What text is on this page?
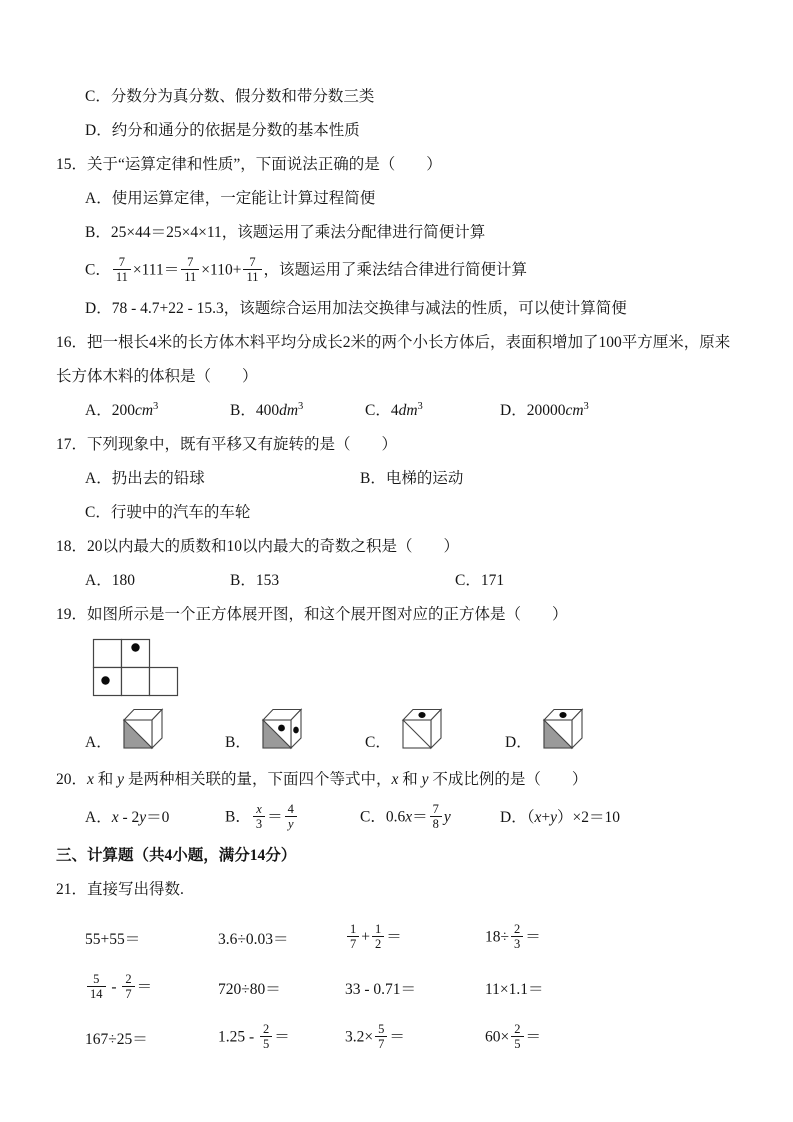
C．分数分为真分数、假分数和带分数三类
D．约分和通分的依据是分数的基本性质
15．关于“运算定律和性质”，下面说法正确的是（　　）
A．使用运算定律，一定能让计算过程简便
B．25×44＝25×4×11，该题运用了乘法分配律进行简便计算
C． $\frac{7}{11} \times 111= \frac{7}{11} \times 110+ \frac{7}{11}$ ，该题运用了乘法结合律进行简便计算
D．78 - 4.7+22 - 15.3，该题综合运用加法交换律与减法的性质，可以使计算简便
16．把一根长4米的长方体木料平均分成长2米的两个小长方体后，表面积增加了100平方厘米，原来
长方体木料的体积是（　　）
A．$200cm^3$	B．$400dm^3$	C．$4dm^3$	D．$20000cm^3$
17．下列现象中，既有平移又有旋转的是（　　）
A．扔出去的铅球	B．电梯的运动
C．行驶中的汽车的车轮
18．20以内最大的质数和10以内最大的奇数之积是（　　）
A．180	B．153	C．171
19．如图所示是一个正方体展开图，和这个展开图对应的正方体是（　　）
A．	B．	C．	D．
20．x 和 y 是两种相关联的量，下面四个等式中，x 和 y 不成比例的是（　　）
A．x - 2y＝0	B． $\frac{x}{3} = \frac{4}{y}$	C．$0.6x= \frac{7}{8}$ y	D．（x+y）×2＝10
三、计算题（共4小题，满分14分）
21．直接写出得数.
55+55＝	3.6÷0.03＝	$\frac{1}{7} + \frac{1}{2}$ ＝	$18\div \frac{2}{3}$ ＝
$\frac{5}{14} - \frac{2}{7}$ ＝	720÷80＝	33 - 0.71＝	11×1.1＝
167÷25＝	$1.25 - \frac{2}{5}$ ＝	$3.2\times \frac{5}{7}$ ＝	$60\times \frac{2}{5}$ ＝
